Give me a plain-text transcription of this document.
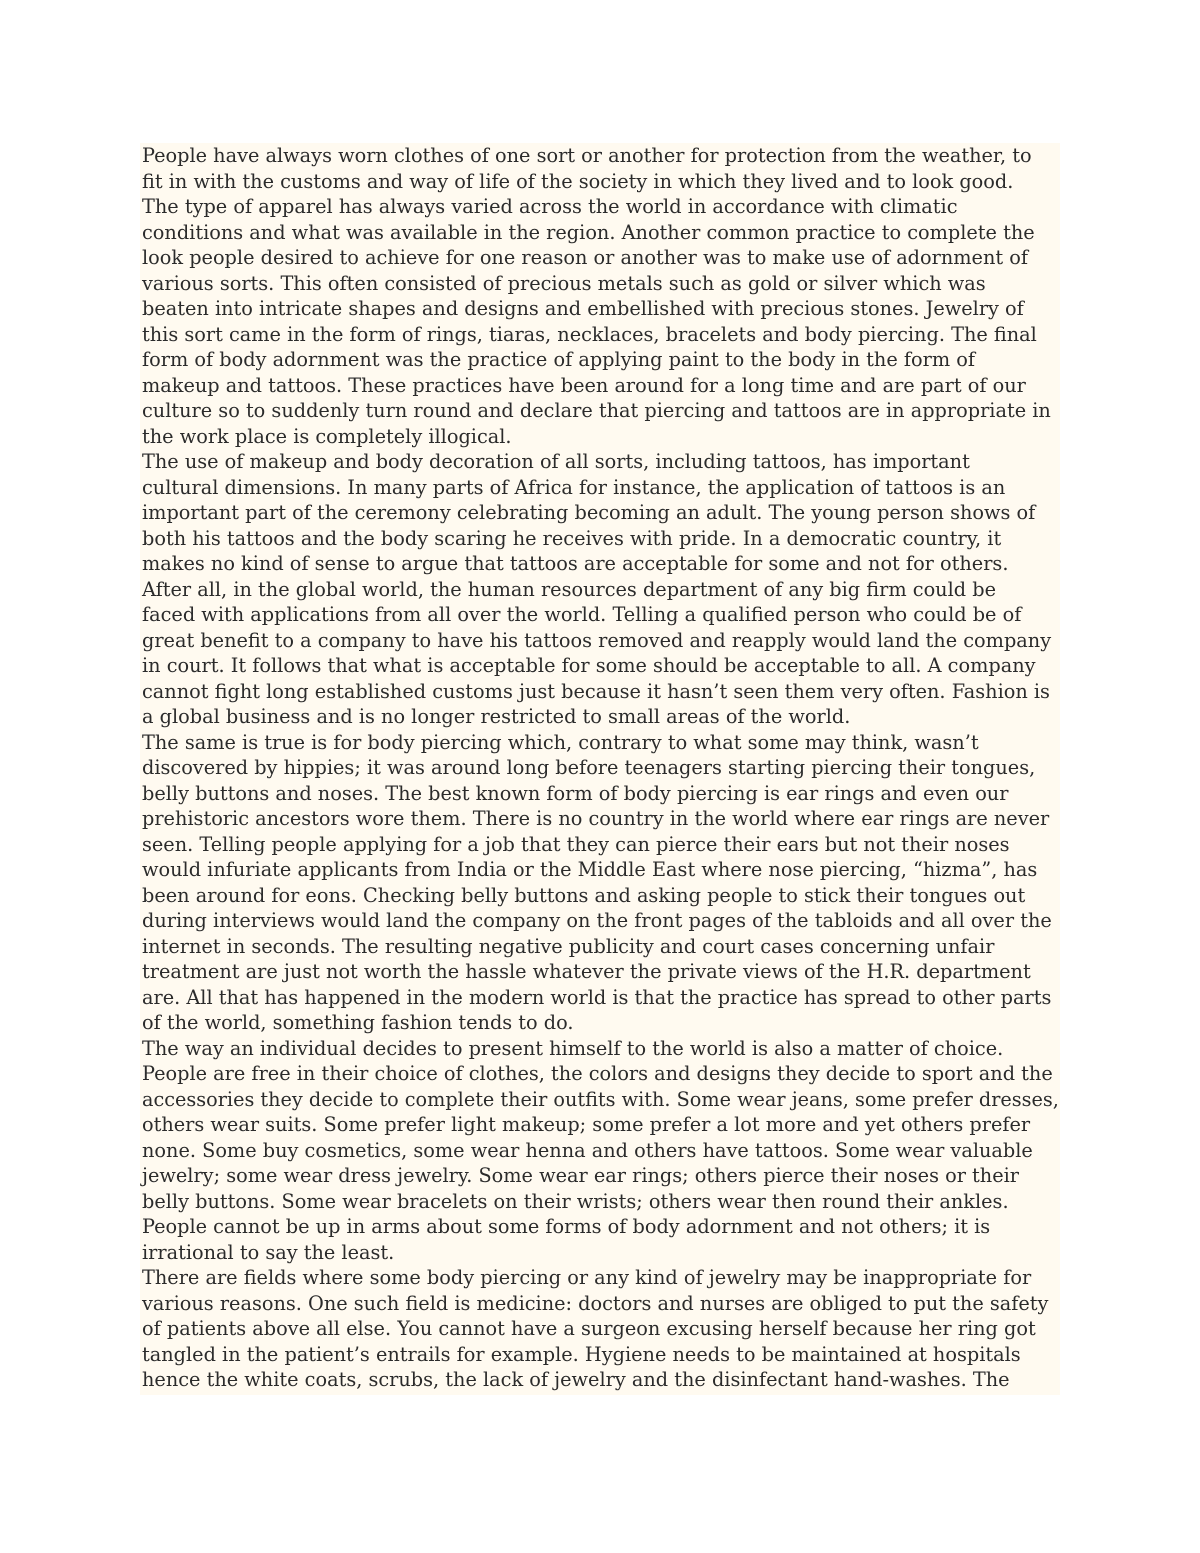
People have always worn clothes of one sort or another for protection from the weather, to
fit in with the customs and way of life of the society in which they lived and to look good.
The type of apparel has always varied across the world in accordance with climatic
conditions and what was available in the region. Another common practice to complete the
look people desired to achieve for one reason or another was to make use of adornment of
various sorts. This often consisted of precious metals such as gold or silver which was
beaten into intricate shapes and designs and embellished with precious stones. Jewelry of
this sort came in the form of rings, tiaras, necklaces, bracelets and body piercing. The final
form of body adornment was the practice of applying paint to the body in the form of
makeup and tattoos. These practices have been around for a long time and are part of our
culture so to suddenly turn round and declare that piercing and tattoos are in appropriate in
the work place is completely illogical.
The use of makeup and body decoration of all sorts, including tattoos, has important
cultural dimensions. In many parts of Africa for instance, the application of tattoos is an
important part of the ceremony celebrating becoming an adult. The young person shows of
both his tattoos and the body scaring he receives with pride. In a democratic country, it
makes no kind of sense to argue that tattoos are acceptable for some and not for others.
After all, in the global world, the human resources department of any big firm could be
faced with applications from all over the world. Telling a qualified person who could be of
great benefit to a company to have his tattoos removed and reapply would land the company
in court. It follows that what is acceptable for some should be acceptable to all. A company
cannot fight long established customs just because it hasn’t seen them very often. Fashion is
a global business and is no longer restricted to small areas of the world.
The same is true is for body piercing which, contrary to what some may think, wasn’t
discovered by hippies; it was around long before teenagers starting piercing their tongues,
belly buttons and noses. The best known form of body piercing is ear rings and even our
prehistoric ancestors wore them. There is no country in the world where ear rings are never
seen. Telling people applying for a job that they can pierce their ears but not their noses
would infuriate applicants from India or the Middle East where nose piercing, “hizma”, has
been around for eons. Checking belly buttons and asking people to stick their tongues out
during interviews would land the company on the front pages of the tabloids and all over the
internet in seconds. The resulting negative publicity and court cases concerning unfair
treatment are just not worth the hassle whatever the private views of the H.R. department
are. All that has happened in the modern world is that the practice has spread to other parts
of the world, something fashion tends to do.
The way an individual decides to present himself to the world is also a matter of choice.
People are free in their choice of clothes, the colors and designs they decide to sport and the
accessories they decide to complete their outfits with. Some wear jeans, some prefer dresses,
others wear suits. Some prefer light makeup; some prefer a lot more and yet others prefer
none. Some buy cosmetics, some wear henna and others have tattoos. Some wear valuable
jewelry; some wear dress jewelry. Some wear ear rings; others pierce their noses or their
belly buttons. Some wear bracelets on their wrists; others wear then round their ankles.
People cannot be up in arms about some forms of body adornment and not others; it is
irrational to say the least.
There are fields where some body piercing or any kind of jewelry may be inappropriate for
various reasons. One such field is medicine: doctors and nurses are obliged to put the safety
of patients above all else. You cannot have a surgeon excusing herself because her ring got
tangled in the patient’s entrails for example. Hygiene needs to be maintained at hospitals
hence the white coats, scrubs, the lack of jewelry and the disinfectant hand-washes. The
